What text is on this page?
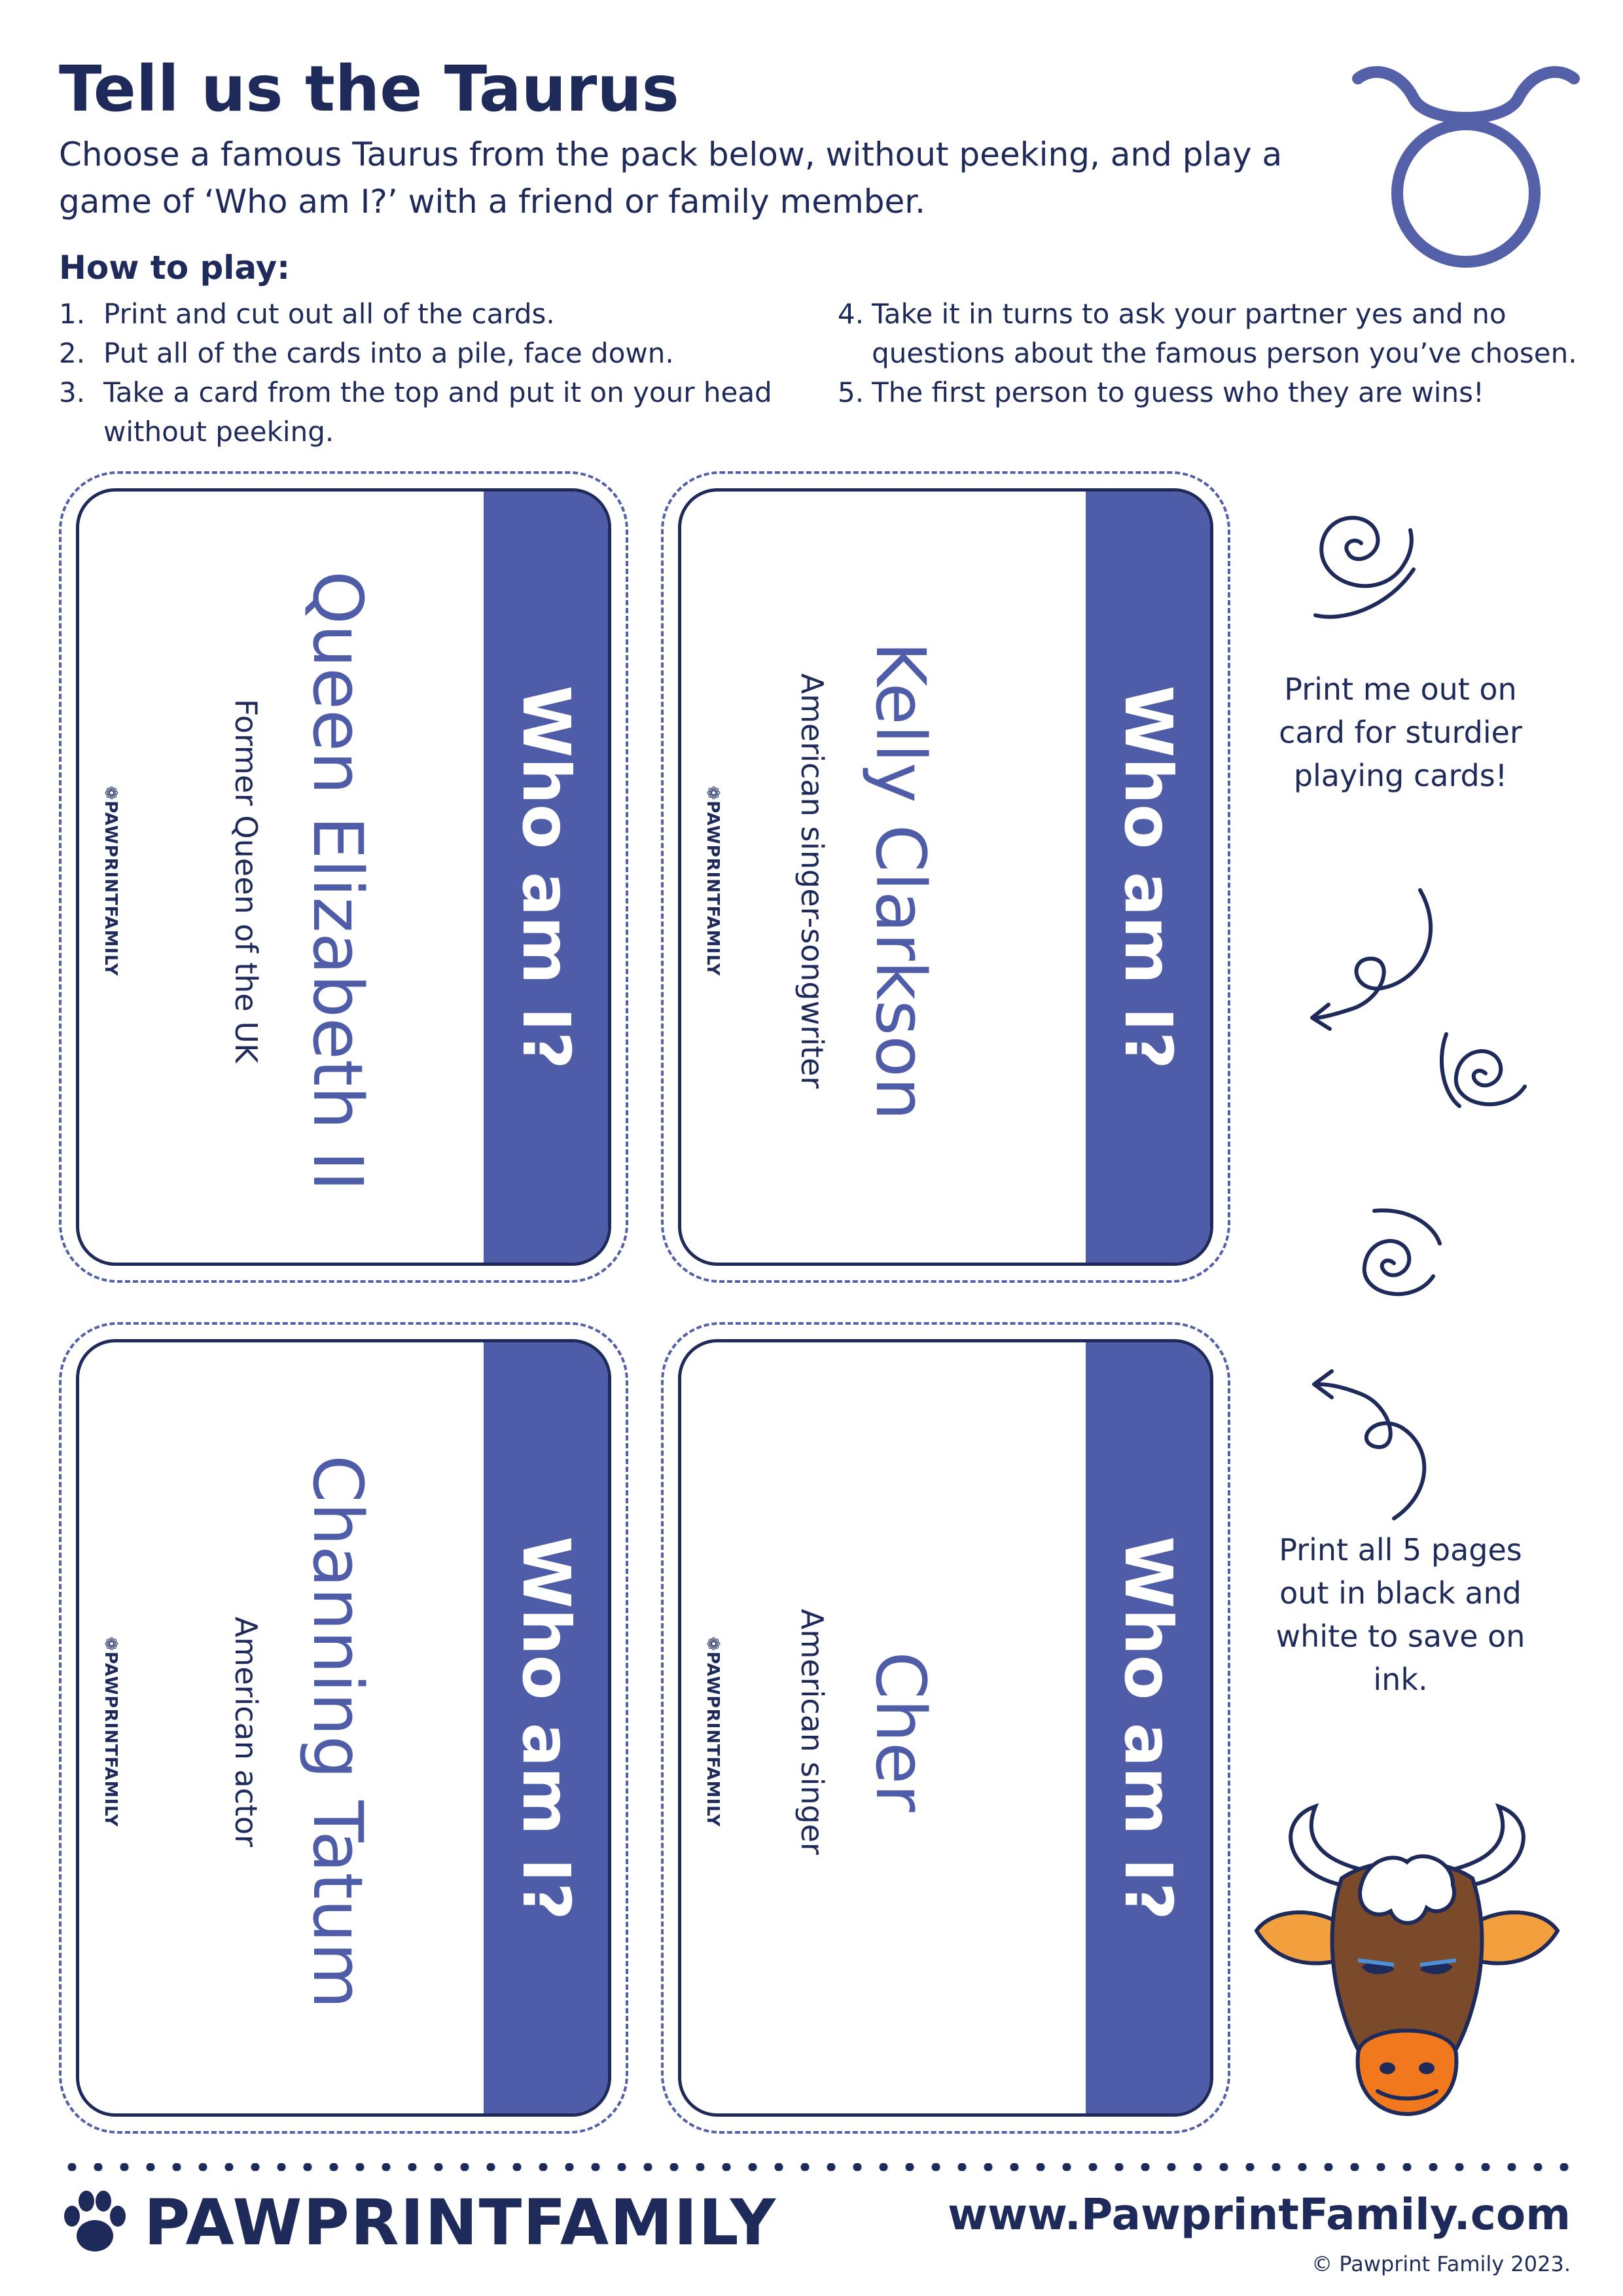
Tell us the Taurus
Choose a famous Taurus from the pack below, without peeking, and play a game of ‘Who am I?’ with a friend or family member.
How to play:
1. Print and cut out all of the cards.
2. Put all of the cards into a pile, face down.
3. Take a card from the top and put it on your head without peeking.
4. Take it in turns to ask your partner yes and no questions about the famous person you’ve chosen.
5. The first person to guess who they are wins!
Who am I?
Queen Elizabeth II
Former Queen of the UK
❁PAWPRINTFAMILY	Who am I?
Kelly Clarkson
American singer-songwriter
❁PAWPRINTFAMILY
Who am I?
Channing Tatum
American actor
❁PAWPRINTFAMILY	Who am I?
Cher
American singer
❁PAWPRINTFAMILY
Print me out on card for sturdier playing cards!
Print all 5 pages out in black and white to save on ink.
PAWPRINTFAMILY	www.PawprintFamily.com
© Pawprint Family 2023.
